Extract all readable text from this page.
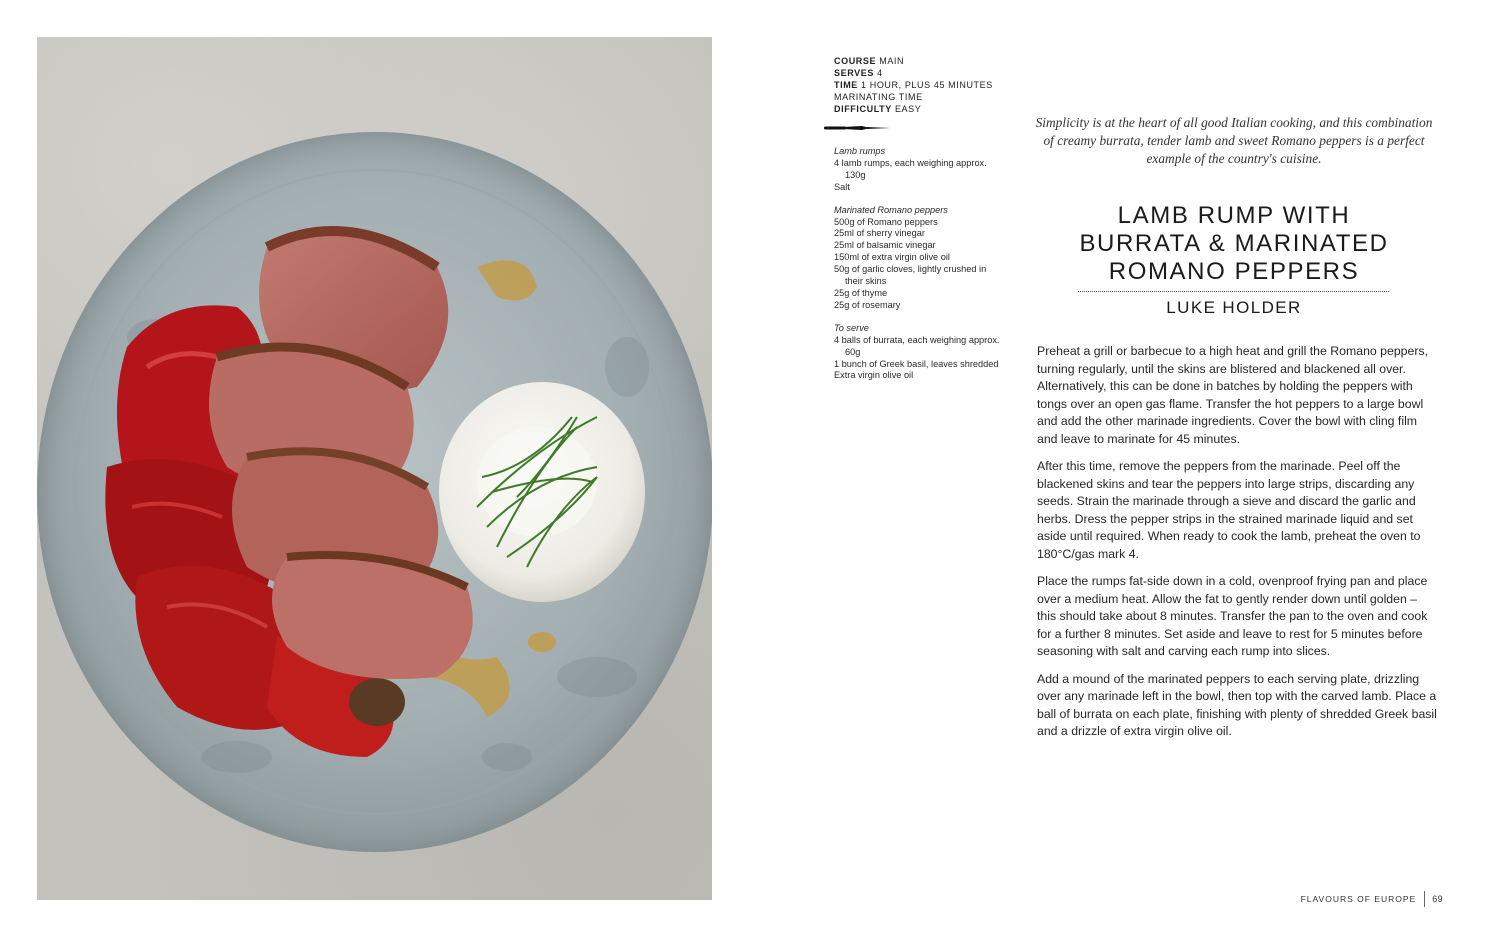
COURSE MAIN
SERVES 4
TIME 1 HOUR, PLUS 45 MINUTES MARINATING TIME
DIFFICULTY EASY
Lamb rumps
4 lamb rumps, each weighing approx. 130g
Salt
Marinated Romano peppers
500g of Romano peppers
25ml of sherry vinegar
25ml of balsamic vinegar
150ml of extra virgin olive oil
50g of garlic cloves, lightly crushed in their skins
25g of thyme
25g of rosemary
To serve
4 balls of burrata, each weighing approx. 60g
1 bunch of Greek basil, leaves shredded
Extra virgin olive oil
Simplicity is at the heart of all good Italian cooking, and this combination of creamy burrata, tender lamb and sweet Romano peppers is a perfect example of the country's cuisine.
LAMB RUMP WITH
BURRATA & MARINATED
ROMANO PEPPERS
LUKE HOLDER

Preheat a grill or barbecue to a high heat and grill the Romano peppers, turning regularly, until the skins are blistered and blackened all over. Alternatively, this can be done in batches by holding the peppers with tongs over an open gas flame. Transfer the hot peppers to a large bowl and add the other marinade ingredients. Cover the bowl with cling film and leave to marinate for 45 minutes.

After this time, remove the peppers from the marinade. Peel off the blackened skins and tear the peppers into large strips, discarding any seeds. Strain the marinade through a sieve and discard the garlic and herbs. Dress the pepper strips in the strained marinade liquid and set aside until required. When ready to cook the lamb, preheat the oven to 180°C/gas mark 4.

Place the rumps fat-side down in a cold, ovenproof frying pan and place over a medium heat. Allow the fat to gently render down until golden – this should take about 8 minutes. Transfer the pan to the oven and cook for a further 8 minutes. Set aside and leave to rest for 5 minutes before seasoning with salt and carving each rump into slices.

Add a mound of the marinated peppers to each serving plate, drizzling over any marinade left in the bowl, then top with the carved lamb. Place a ball of burrata on each plate, finishing with plenty of shredded Greek basil and a drizzle of extra virgin olive oil.

FLAVOURS OF EUROPE 69
